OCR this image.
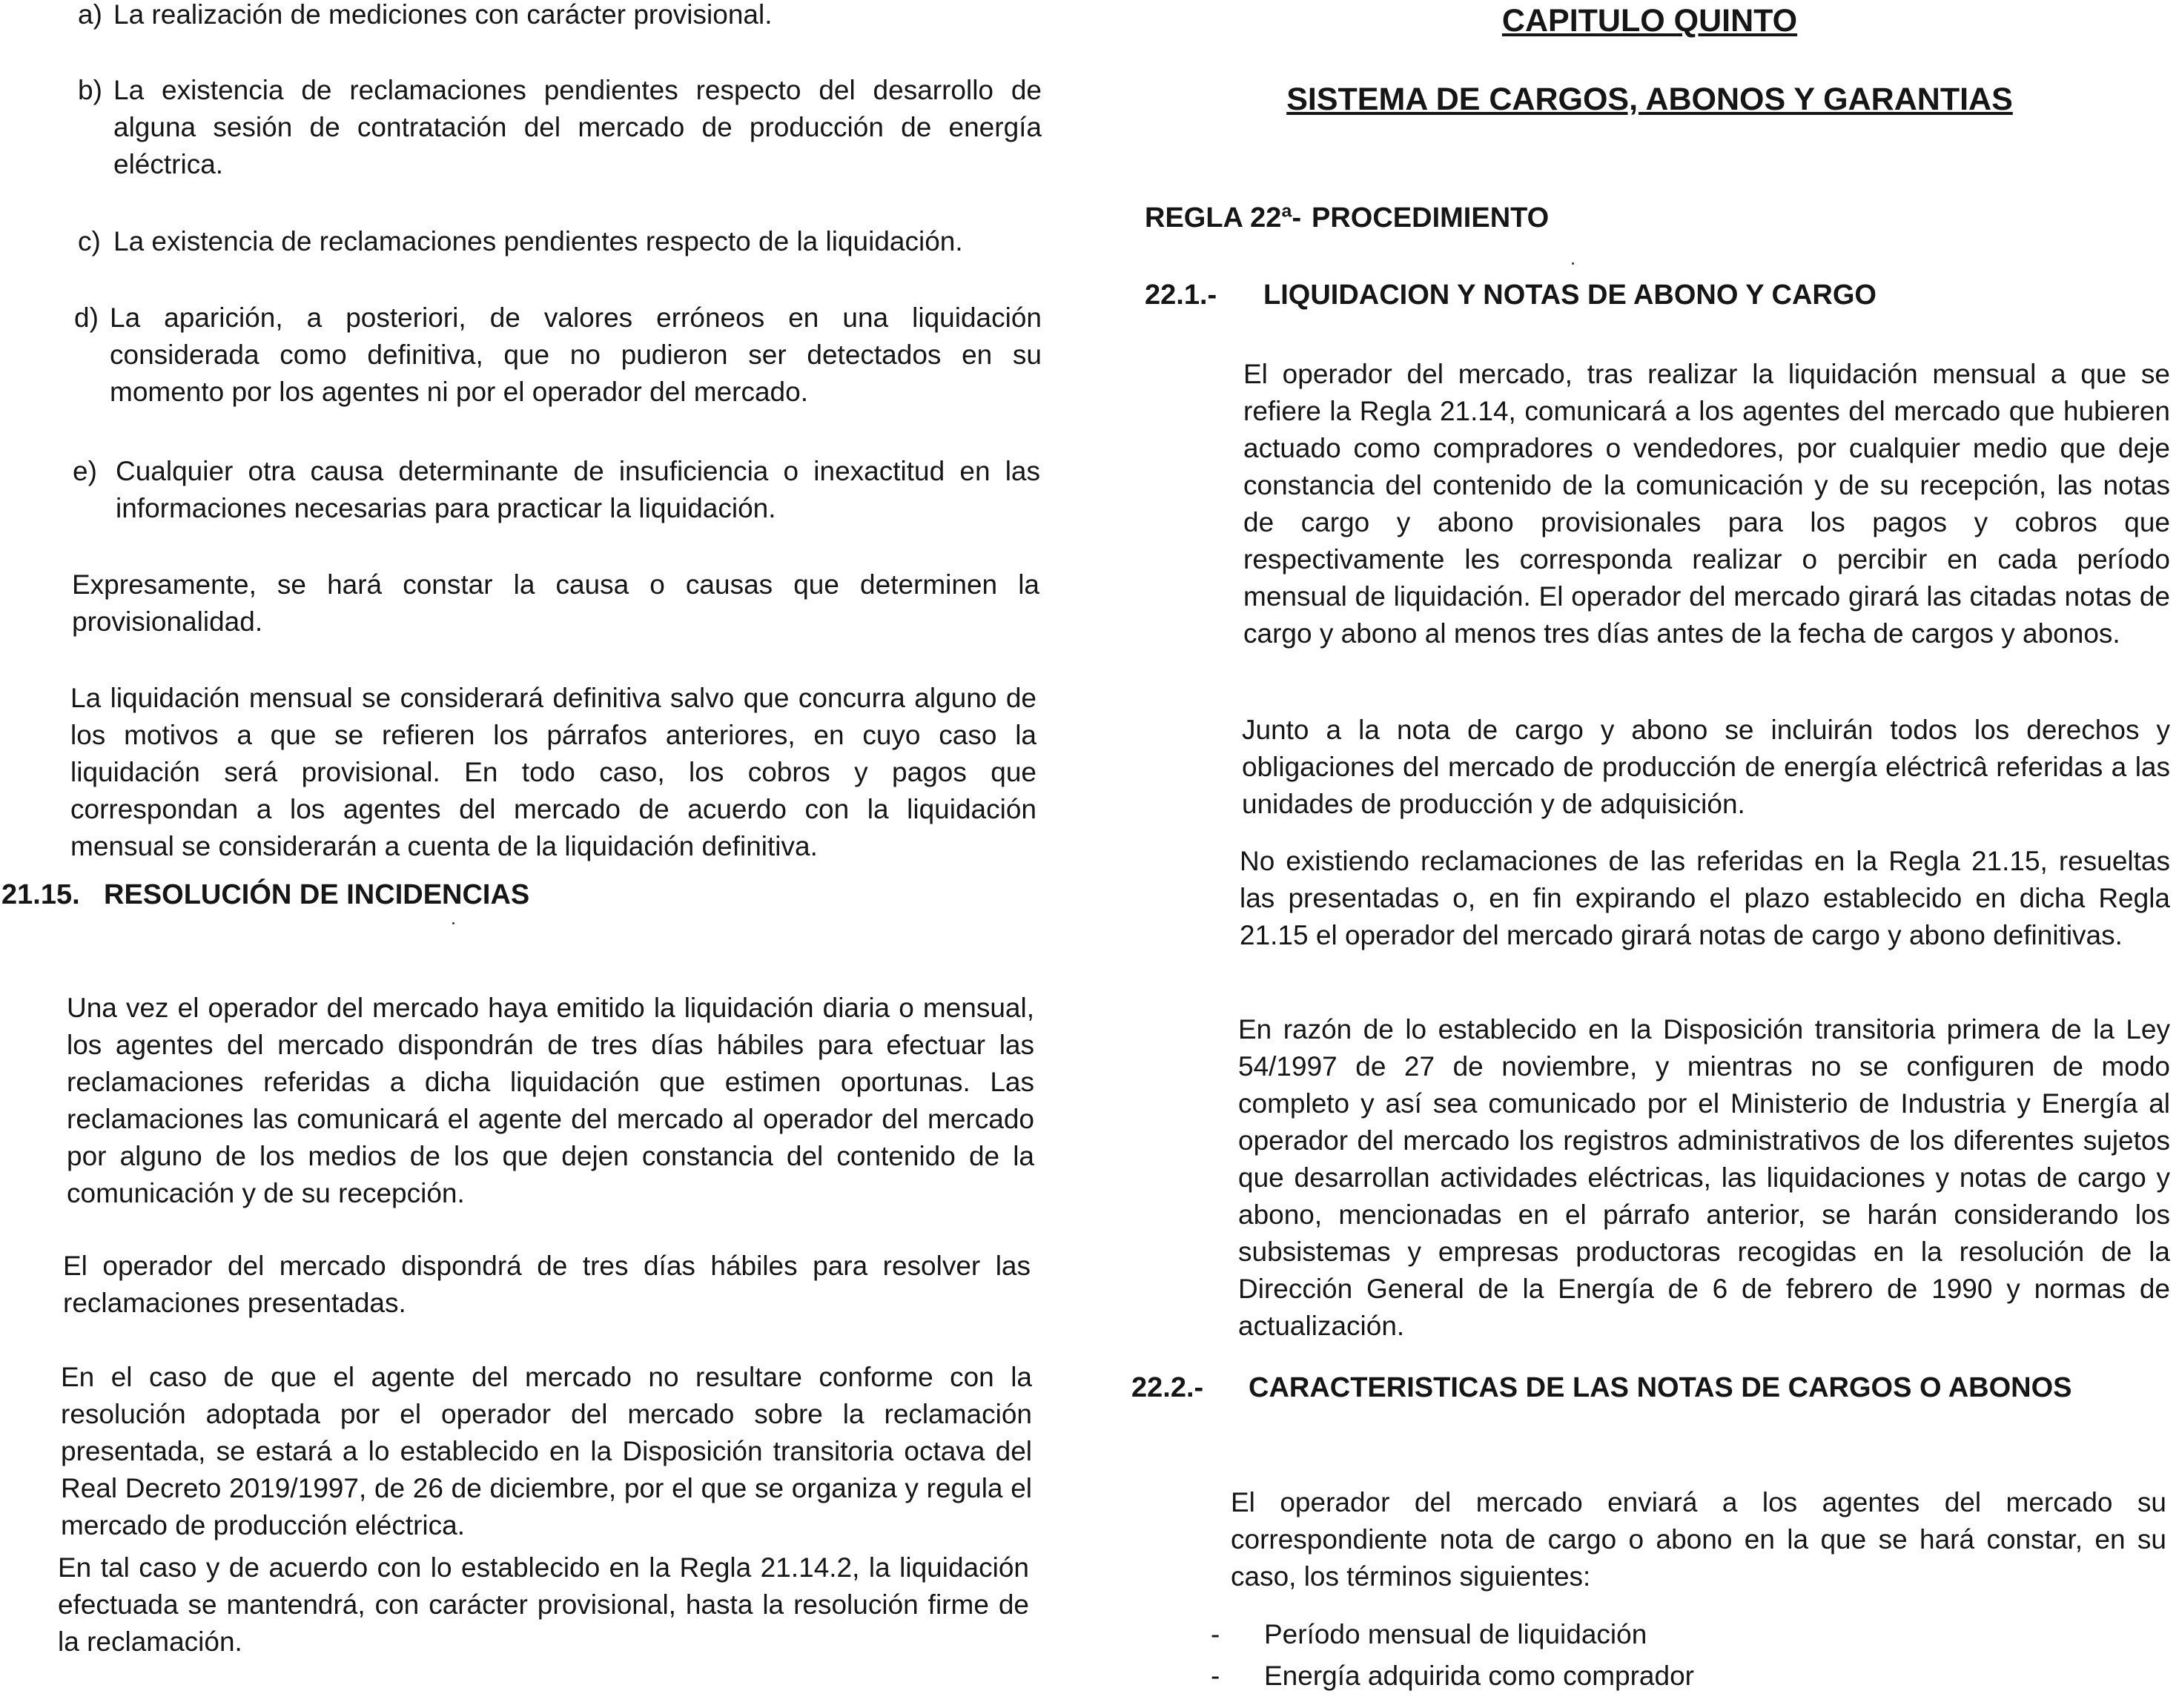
a) La realización de mediciones con carácter provisional.
b) La existencia de reclamaciones pendientes respecto del desarrollo de alguna sesión de contratación del mercado de producción de energía eléctrica.
c) La existencia de reclamaciones pendientes respecto de la liquidación.
d) La aparición, a posteriori, de valores erróneos en una liquidación considerada como definitiva, que no pudieron ser detectados en su momento por los agentes ni por el operador del mercado.
e) Cualquier otra causa determinante de insuficiencia o inexactitud en las informaciones necesarias para practicar la liquidación.

Expresamente, se hará constar la causa o causas que determinen la provisionalidad.

La liquidación mensual se considerará definitiva salvo que concurra alguno de los motivos a que se refieren los párrafos anteriores, en cuyo caso la liquidación será provisional. En todo caso, los cobros y pagos que correspondan a los agentes del mercado de acuerdo con la liquidación mensual se considerarán a cuenta de la liquidación definitiva.

21.15. RESOLUCIÓN DE INCIDENCIAS

Una vez el operador del mercado haya emitido la liquidación diaria o mensual, los agentes del mercado dispondrán de tres días hábiles para efectuar las reclamaciones referidas a dicha liquidación que estimen oportunas. Las reclamaciones las comunicará el agente del mercado al operador del mercado por alguno de los medios de los que dejen constancia del contenido de la comunicación y de su recepción.

El operador del mercado dispondrá de tres días hábiles para resolver las reclamaciones presentadas.

En el caso de que el agente del mercado no resultare conforme con la resolución adoptada por el operador del mercado sobre la reclamación presentada, se estará a lo establecido en la Disposición transitoria octava del Real Decreto 2019/1997, de 26 de diciembre, por el que se organiza y regula el mercado de producción eléctrica.

En tal caso y de acuerdo con lo establecido en la Regla 21.14.2, la liquidación efectuada se mantendrá, con carácter provisional, hasta la resolución firme de la reclamación.

CAPITULO QUINTO
SISTEMA DE CARGOS, ABONOS Y GARANTIAS
REGLA 22ª- PROCEDIMIENTO
22.1.- LIQUIDACION Y NOTAS DE ABONO Y CARGO

El operador del mercado, tras realizar la liquidación mensual a que se refiere la Regla 21.14, comunicará a los agentes del mercado que hubieren actuado como compradores o vendedores, por cualquier medio que deje constancia del contenido de la comunicación y de su recepción, las notas de cargo y abono provisionales para los pagos y cobros que respectivamente les corresponda realizar o percibir en cada período mensual de liquidación. El operador del mercado girará las citadas notas de cargo y abono al menos tres días antes de la fecha de cargos y abonos.

Junto a la nota de cargo y abono se incluirán todos los derechos y obligaciones del mercado de producción de energía eléctricâ referidas a las unidades de producción y de adquisición.

No existiendo reclamaciones de las referidas en la Regla 21.15, resueltas las presentadas o, en fin expirando el plazo establecido en dicha Regla 21.15 el operador del mercado girará notas de cargo y abono definitivas.

En razón de lo establecido en la Disposición transitoria primera de la Ley 54/1997 de 27 de noviembre, y mientras no se configuren de modo completo y así sea comunicado por el Ministerio de Industria y Energía al operador del mercado los registros administrativos de los diferentes sujetos que desarrollan actividades eléctricas, las liquidaciones y notas de cargo y abono, mencionadas en el párrafo anterior, se harán considerando los subsistemas y empresas productoras recogidas en la resolución de la Dirección General de la Energía de 6 de febrero de 1990 y normas de actualización.

22.2.- CARACTERISTICAS DE LAS NOTAS DE CARGOS O ABONOS

El operador del mercado enviará a los agentes del mercado su correspondiente nota de cargo o abono en la que se hará constar, en su caso, los términos siguientes:

- Período mensual de liquidación
- Energía adquirida como comprador
